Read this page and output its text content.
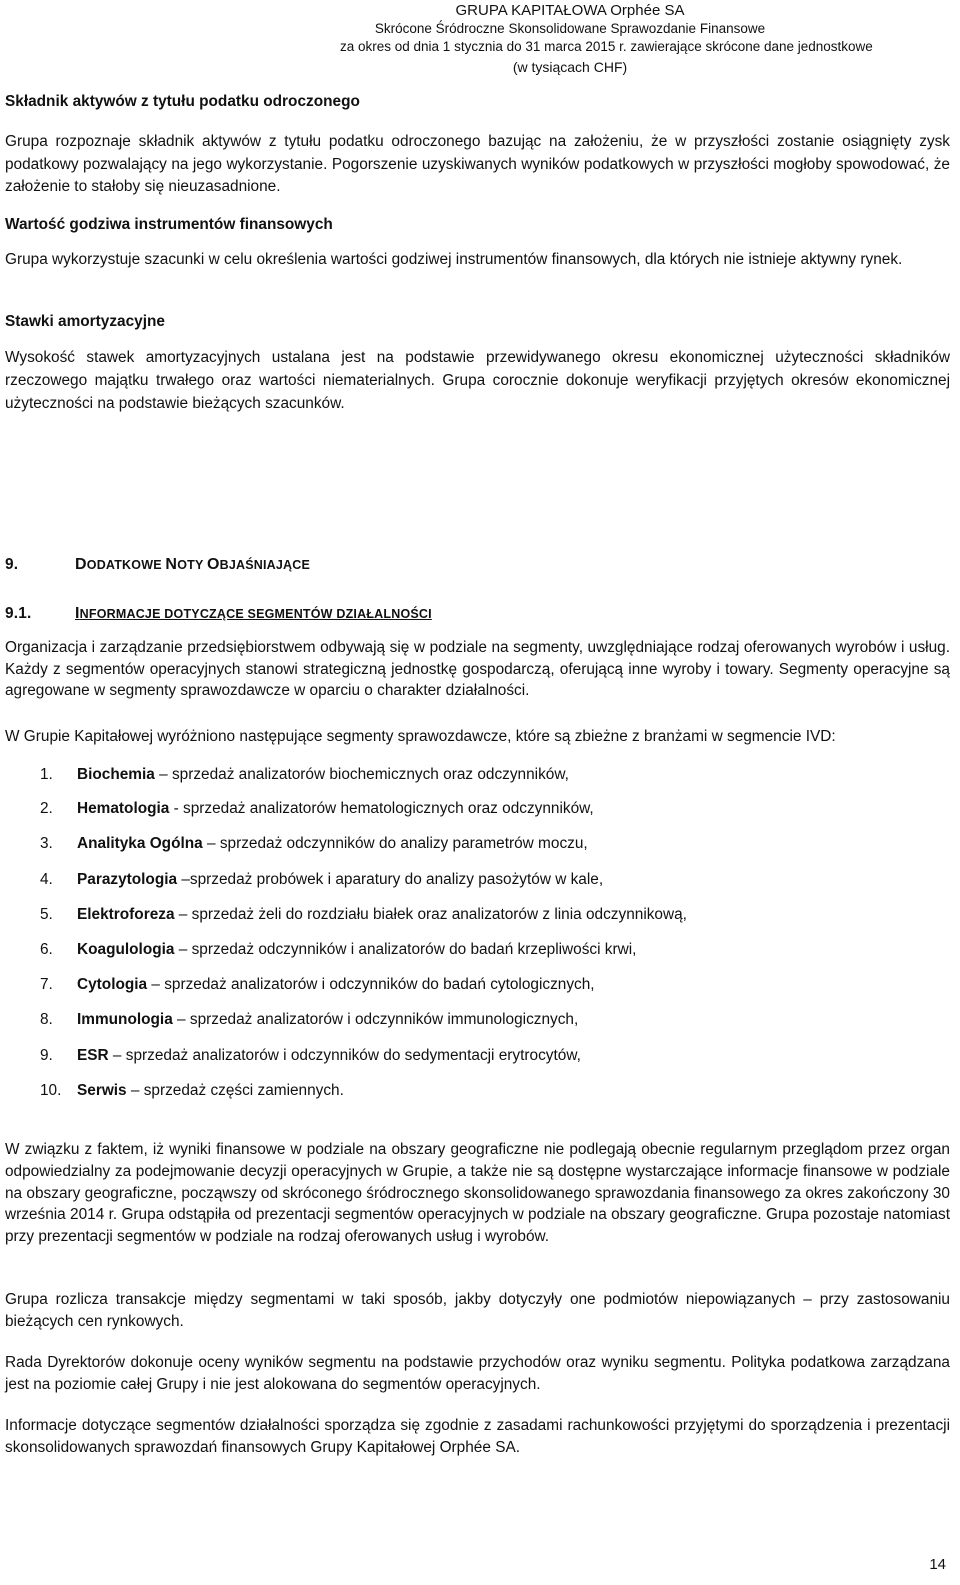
GRUPA KAPITAŁOWA Orphée SA
Skrócone Śródroczne Skonsolidowane Sprawozdanie Finansowe
za okres od dnia 1 stycznia do 31 marca 2015 r. zawierające skrócone dane jednostkowe
(w tysiącach CHF)
Składnik aktywów z tytułu podatku odroczonego

Grupa rozpoznaje składnik aktywów z tytułu podatku odroczonego bazując na założeniu, że w przyszłości zostanie osiągnięty zysk podatkowy pozwalający na jego wykorzystanie. Pogorszenie uzyskiwanych wyników podatkowych w przyszłości mogłoby spowodować, że założenie to stałoby się nieuzasadnione.

Wartość godziwa instrumentów finansowych

Grupa wykorzystuje szacunki w celu określenia wartości godziwej instrumentów finansowych, dla których nie istnieje aktywny rynek.

Stawki amortyzacyjne

Wysokość stawek amortyzacyjnych ustalana jest na podstawie przewidywanego okresu ekonomicznej użyteczności składników rzeczowego majątku trwałego oraz wartości niematerialnych. Grupa corocznie dokonuje weryfikacji przyjętych okresów ekonomicznej użyteczności na podstawie bieżących szacunków.

9.	DODATKOWE NOTY OBJAŚNIAJĄCE
9.1.	INFORMACJE DOTYCZĄCE SEGMENTÓW DZIAŁALNOŚCI

Organizacja i zarządzanie przedsiębiorstwem odbywają się w podziale na segmenty, uwzględniające rodzaj oferowanych wyrobów i usług. Każdy z segmentów operacyjnych stanowi strategiczną jednostkę gospodarczą, oferującą inne wyroby i towary. Segmenty operacyjne są agregowane w segmenty sprawozdawcze w oparciu o charakter działalności.

W Grupie Kapitałowej wyróżniono następujące segmenty sprawozdawcze, które są zbieżne z branżami w segmencie IVD:

1. Biochemia – sprzedaż analizatorów biochemicznych oraz odczynników,
2. Hematologia - sprzedaż analizatorów hematologicznych oraz odczynników,
3. Analityka Ogólna – sprzedaż odczynników do analizy parametrów moczu,
4. Parazytologia –sprzedaż probówek i aparatury do analizy pasożytów w kale,
5. Elektroforeza – sprzedaż żeli do rozdziału białek oraz analizatorów z linia odczynnikową,
6. Koagulologia – sprzedaż odczynników i analizatorów do badań krzepliwości krwi,
7. Cytologia – sprzedaż analizatorów i odczynników do badań cytologicznych,
8. Immunologia – sprzedaż analizatorów i odczynników immunologicznych,
9. ESR – sprzedaż analizatorów i odczynników do sedymentacji erytrocytów,
10. Serwis – sprzedaż części zamiennych.

W związku z faktem, iż wyniki finansowe w podziale na obszary geograficzne nie podlegają obecnie regularnym przeglądom przez organ odpowiedzialny za podejmowanie decyzji operacyjnych w Grupie, a także nie są dostępne wystarczające informacje finansowe w podziale na obszary geograficzne, począwszy od skróconego śródrocznego skonsolidowanego sprawozdania finansowego za okres zakończony 30 września 2014 r. Grupa odstąpiła od prezentacji segmentów operacyjnych w podziale na obszary geograficzne. Grupa pozostaje natomiast przy prezentacji segmentów w podziale na rodzaj oferowanych usług i wyrobów.

Grupa rozlicza transakcje między segmentami w taki sposób, jakby dotyczyły one podmiotów niepowiązanych – przy zastosowaniu bieżących cen rynkowych.

Rada Dyrektorów dokonuje oceny wyników segmentu na podstawie przychodów oraz wyniku segmentu. Polityka podatkowa zarządzana jest na poziomie całej Grupy i nie jest alokowana do segmentów operacyjnych.

Informacje dotyczące segmentów działalności sporządza się zgodnie z zasadami rachunkowości przyjętymi do sporządzenia i prezentacji skonsolidowanych sprawozdań finansowych Grupy Kapitałowej Orphée SA.

14
